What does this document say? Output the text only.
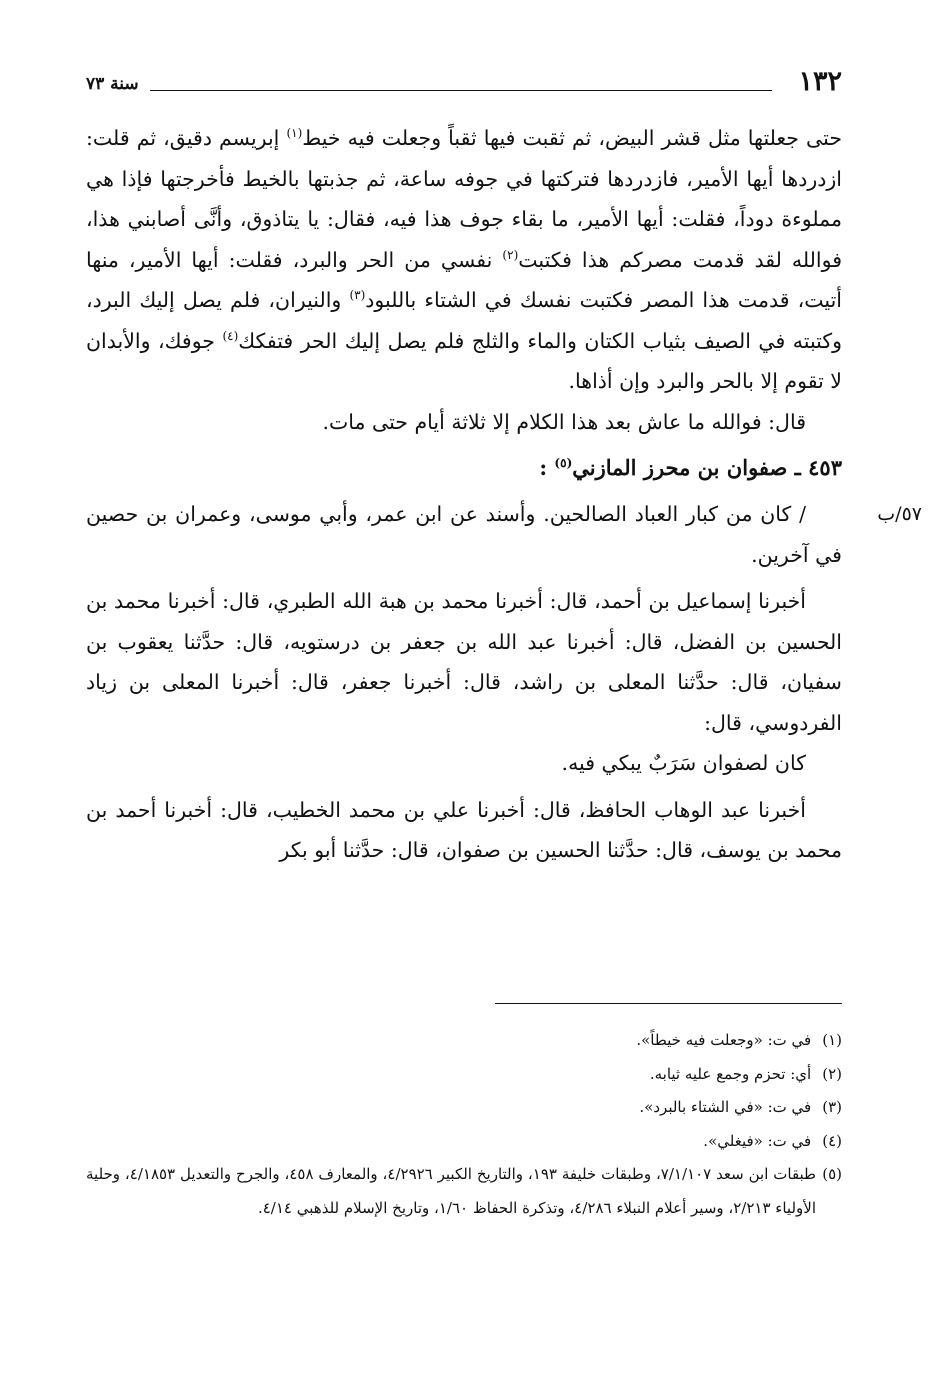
١٣٢
سنة ٧٣

حتى جعلتها مثل قشر البيض، ثم ثقبت فيها ثقباً وجعلت فيه خيط$^{(١)}$ إبريسم دقيق، ثم قلت: ازدردها أيها الأمير، فازدردها فتركتها في جوفه ساعة، ثم جذبتها بالخيط فأخرجتها فإذا هي مملوءة دوداً، فقلت: أيها الأمير، ما بقاء جوف هذا فيه، فقال: يا يتاذوق، وأنَّى أصابني هذا، فوالله لقد قدمت مصركم هذا فكتبت$^{(٢)}$ نفسي من الحر والبرد، فقلت: أيها الأمير، منها أتيت، قدمت هذا المصر فكتبت نفسك في الشتاء باللبود$^{(٣)}$ والنيران، فلم يصل إليك البرد، وكتبته في الصيف بثياب الكتان والماء والثلج فلم يصل إليك الحر فتفكك$^{(٤)}$ جوفك، والأبدان لا تقوم إلا بالحر والبرد وإن أذاها.

قال: فوالله ما عاش بعد هذا الكلام إلا ثلاثة أيام حتى مات.

٤٥٣ ـ صفوان بن محرز المازني$^{(٥)}$ :

٥٧/ب

/ كان من كبار العباد الصالحين. وأسند عن ابن عمر، وأبي موسى، وعمران بن حصين في آخرين.

أخبرنا إسماعيل بن أحمد، قال: أخبرنا محمد بن هبة الله الطبري، قال: أخبرنا محمد بن الحسين بن الفضل، قال: أخبرنا عبد الله بن جعفر بن درستويه، قال: حدَّثنا يعقوب بن سفيان، قال: حدَّثنا المعلى بن راشد، قال: أخبرنا جعفر، قال: أخبرنا المعلى بن زياد الفردوسي، قال:

كان لصفوان سَرَبٌ يبكي فيه.

أخبرنا عبد الوهاب الحافظ، قال: أخبرنا علي بن محمد الخطيب، قال: أخبرنا أحمد بن محمد بن يوسف، قال: حدَّثنا الحسين بن صفوان، قال: حدَّثنا أبو بكر

(١) في ت: «وجعلت فيه خيطاً».

(٢) أي: تحزم وجمع عليه ثيابه.

(٣) في ت: «في الشتاء بالبرد».

(٤) في ت: «فيغلي».

(٥)طبقات ابن سعد ٧/١/١٠٧، وطبقات خليفة ١٩٣، والتاريخ الكبير ٤/٢٩٢٦، والمعارف ٤٥٨، والجرح والتعديل ٤/١٨٥٣، وحلية الأولياء ٢/٢١٣، وسير أعلام النبلاء ٤/٢٨٦، وتذكرة الحفاظ ١/٦٠، وتاريخ الإسلام للذهبي ٤/١٤.
